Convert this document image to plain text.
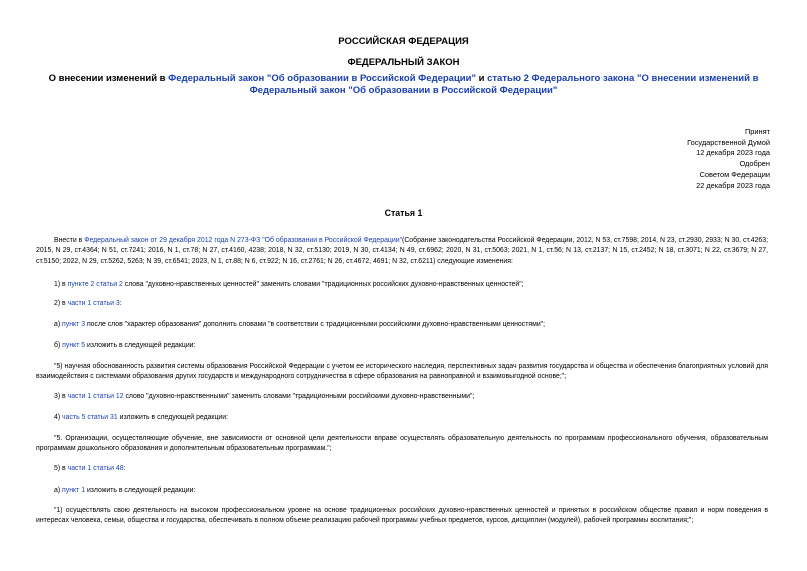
РОССИЙСКАЯ ФЕДЕРАЦИЯ
ФЕДЕРАЛЬНЫЙ ЗАКОН
О внесении изменений в Федеральный закон "Об образовании в Российской Федерации" и статью 2 Федерального закона "О внесении изменений в Федеральный закон "Об образовании в Российской Федерации"
Принят
Государственной Думой
12 декабря 2023 года
Одобрен
Советом Федерации
22 декабря 2023 года
Статья 1
Внести в Федеральный закон от 29 декабря 2012 года N 273-ФЗ "Об образовании в Российской Федерации"(Собрание законодательства Российской Федерации, 2012, N 53, ст.7598; 2014, N 23, ст.2930, 2933; N 30, ст.4263; 2015, N 29, ст.4364; N 51, ст.7241; 2016, N 1, ст.78; N 27, ст.4160, 4238; 2018, N 32, ст.5130; 2019, N 30, ст.4134; N 49, ст.6962; 2020, N 31, ст.5063; 2021, N 1, ст.56; N 13, ст.2137; N 15, ст.2452; N 18, ст.3071; N 22, ст.3679; N 27, ст.5150; 2022, N 29, ст.5262, 5263; N 39, ст.6541; 2023, N 1, ст.88; N 6, ст.922; N 16, ст.2761; N 26, ст.4672, 4691; N 32, ст.6211) следующие изменения:
1) в пункте 2 статьи 2 слова "духовно-нравственных ценностей" заменить словами "традиционных российских духовно-нравственных ценностей";
2) в части 1 статьи 3:
а) пункт 3 после слов "характер образования" дополнить словами "в соответствии с традиционными российскими духовно-нравственными ценностями";
б) пункт 5 изложить в следующей редакции:
"5) научная обоснованность развития системы образования Российской Федерации с учетом ее исторического наследия, перспективных задач развития государства и общества и обеспечения благоприятных условий для взаимодействия с системами образования других государств и международного сотрудничества в сфере образования на равноправной и взаимовыгодной основе;";
3) в части 1 статьи 12 слово "духовно-нравственными" заменить словами "традиционными российскими духовно-нравственными";
4) часть 5 статьи 31 изложить в следующей редакции:
"5. Организации, осуществляющие обучение, вне зависимости от основной цели деятельности вправе осуществлять образовательную деятельность по программам профессионального обучения, образовательным программам дошкольного образования и дополнительным образовательным программам.";
5) в части 1 статьи 48:
а) пункт 1 изложить в следующей редакции:
"1) осуществлять свою деятельность на высоком профессиональном уровне на основе традиционных российских духовно-нравственных ценностей и принятых в российском обществе правил и норм поведения в интересах человека, семьи, общества и государства, обеспечивать в полном объеме реализацию рабочей программы учебных предметов, курсов, дисциплин (модулей), рабочей программы воспитания;";
